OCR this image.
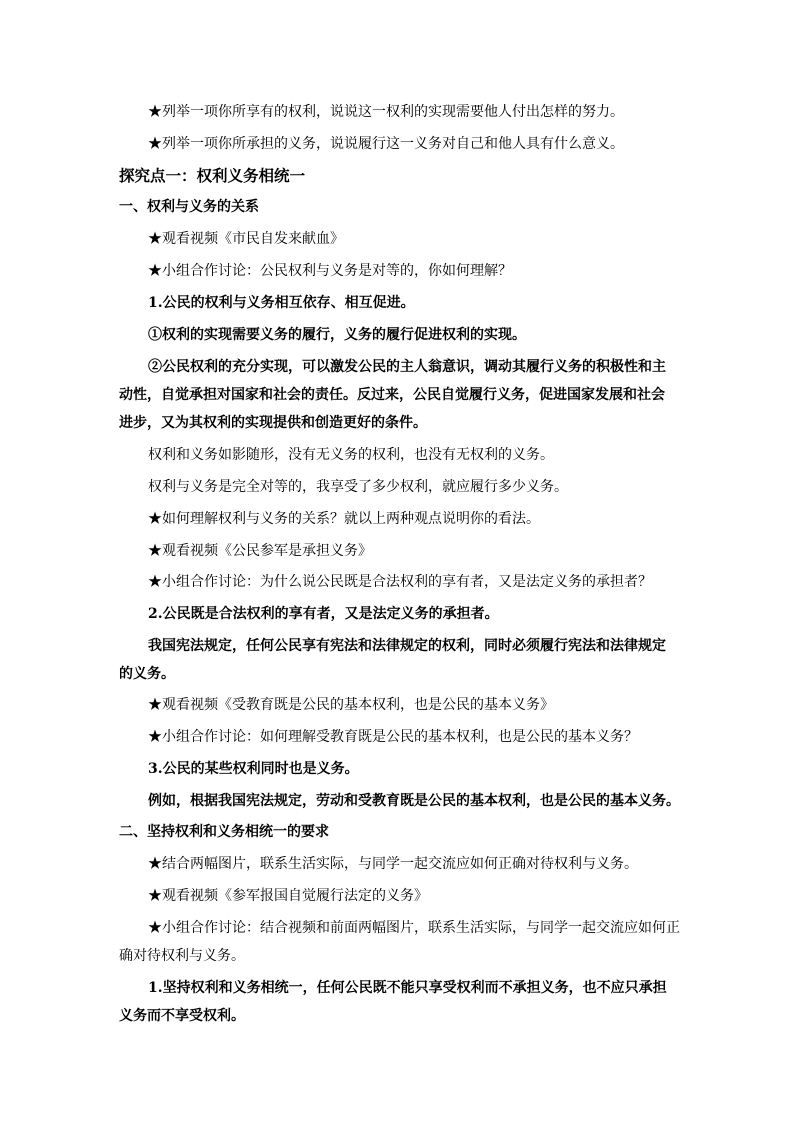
★列举一项你所享有的权利，说说这一权利的实现需要他人付出怎样的努力。
★列举一项你所承担的义务，说说履行这一义务对自己和他人具有什么意义。
探究点一：权利义务相统一
一、权利与义务的关系
★观看视频《市民自发来献血》
★小组合作讨论：公民权利与义务是对等的，你如何理解？
1.公民的权利与义务相互依存、相互促进。
①权利的实现需要义务的履行，义务的履行促进权利的实现。
②公民权利的充分实现，可以激发公民的主人翁意识，调动其履行义务的积极性和主
动性，自觉承担对国家和社会的责任。反过来，公民自觉履行义务，促进国家发展和社会
进步，又为其权利的实现提供和创造更好的条件。
权利和义务如影随形，没有无义务的权利，也没有无权利的义务。
权利与义务是完全对等的，我享受了多少权利，就应履行多少义务。
★如何理解权利与义务的关系？就以上两种观点说明你的看法。
★观看视频《公民参军是承担义务》
★小组合作讨论：为什么说公民既是合法权利的享有者，又是法定义务的承担者？
2.公民既是合法权利的享有者，又是法定义务的承担者。
我国宪法规定，任何公民享有宪法和法律规定的权利，同时必须履行宪法和法律规定
的义务。
★观看视频《受教育既是公民的基本权利，也是公民的基本义务》
★小组合作讨论：如何理解受教育既是公民的基本权利，也是公民的基本义务？
3.公民的某些权利同时也是义务。
例如，根据我国宪法规定，劳动和受教育既是公民的基本权利，也是公民的基本义务。
二、坚持权利和义务相统一的要求
★结合两幅图片，联系生活实际，与同学一起交流应如何正确对待权利与义务。
★观看视频《参军报国自觉履行法定的义务》
★小组合作讨论：结合视频和前面两幅图片，联系生活实际，与同学一起交流应如何正
确对待权利与义务。
1.坚持权利和义务相统一，任何公民既不能只享受权利而不承担义务，也不应只承担
义务而不享受权利。
